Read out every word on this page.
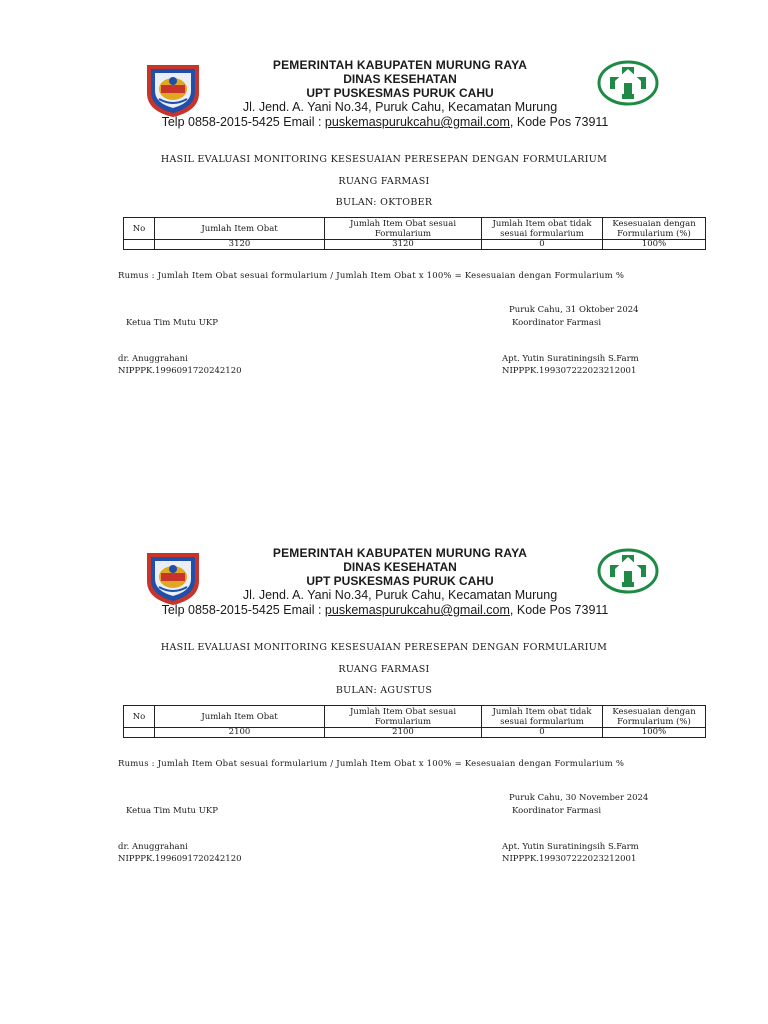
PEMERINTAH KABUPATEN MURUNG RAYA
DINAS KESEHATAN
UPT PUSKESMAS PURUK CAHU
Jl. Jend. A. Yani No.34, Puruk Cahu, Kecamatan Murung
Telp 0858-2015-5425 Email : puskemaspurukcahu@gmail.com, Kode Pos 73911
HASIL EVALUASI MONITORING KESESUAIAN PERESEPAN DENGAN FORMULARIUM
RUANG FARMASI
BULAN: OKTOBER
No	Jumlah Item Obat	Jumlah Item Obat sesuai Formularium	Jumlah Item obat tidak sesuai formularium	Kesesuaian dengan Formularium (%)
	3120	3120	0	100%
Rumus : Jumlah Item Obat sesuai formularium / Jumlah Item Obat x 100% = Kesesuaian dengan Formularium %
Puruk Cahu, 31 Oktober 2024
Ketua Tim Mutu UKP	Koordinator Farmasi
dr. Anuggrahani
NIPPPK.1996091720242120
Apt. Yutin Suratiningsih S.Farm
NIPPPK.199307222023212001
PEMERINTAH KABUPATEN MURUNG RAYA
DINAS KESEHATAN
UPT PUSKESMAS PURUK CAHU
Jl. Jend. A. Yani No.34, Puruk Cahu, Kecamatan Murung
Telp 0858-2015-5425 Email : puskemaspurukcahu@gmail.com, Kode Pos 73911
HASIL EVALUASI MONITORING KESESUAIAN PERESEPAN DENGAN FORMULARIUM
RUANG FARMASI
BULAN: AGUSTUS
No	Jumlah Item Obat	Jumlah Item Obat sesuai Formularium	Jumlah Item obat tidak sesuai formularium	Kesesuaian dengan Formularium (%)
	2100	2100	0	100%
Rumus : Jumlah Item Obat sesuai formularium / Jumlah Item Obat x 100% = Kesesuaian dengan Formularium %
Puruk Cahu, 30 November 2024
Ketua Tim Mutu UKP	Koordinator Farmasi
dr. Anuggrahani
NIPPPK.1996091720242120
Apt. Yutin Suratiningsih S.Farm
NIPPPK.199307222023212001
